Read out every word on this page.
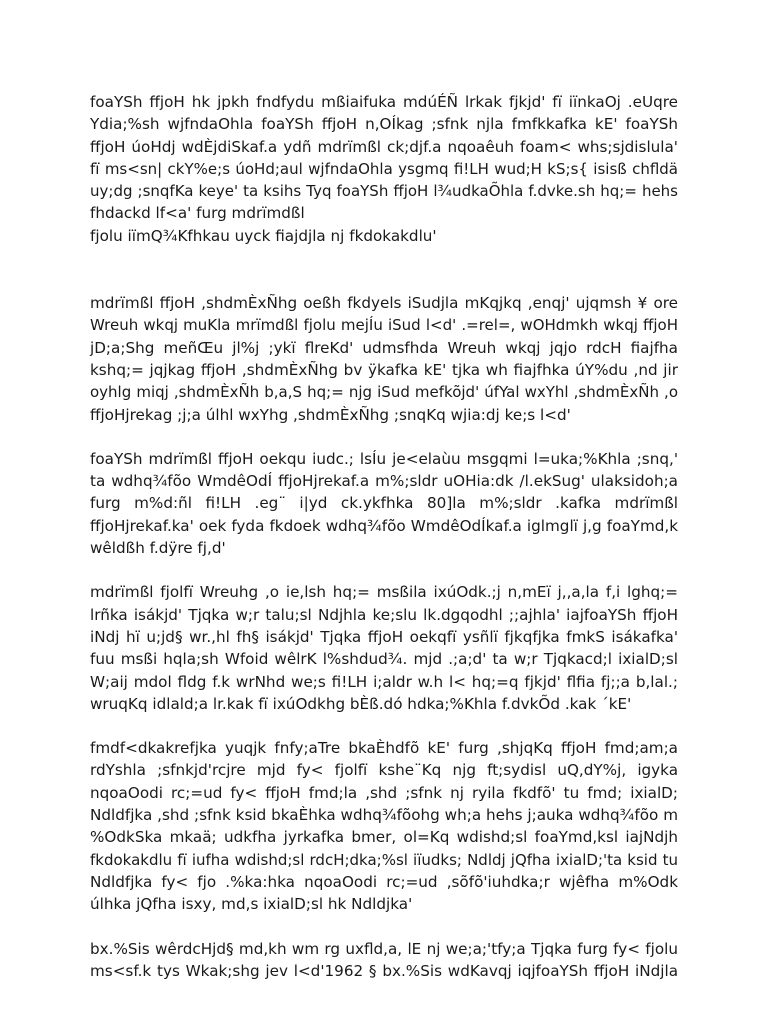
foaYSh ffjoH hk jpkh fndfydu mßiaifuka mdúÉÑ lrkak fjkjd' fï iïnkaOj .eUqre
Ydia;%sh wjfndaOhla foaYSh ffjoH n,OÍkag ;sfnk njla fmfkkafka kE' foaYSh
ffjoH úoHdj wdÈjdiSkaf.a ydñ mdrïmßl ck;djf.a nqoaêuh foam< whs;sjdislula'
fï ms<sn| ckY%e;s úoHd;aul wjfndaOhla ysgmq fi!LH wud;H kS;s{ isisß chfldä
uy;dg ;snqfKa keye' ta ksihs Tyq foaYSh ffjoH l¾udkaÕhla f.dvke.sh hq;= hehs
fhdackd lf<a' furg mdrïmdßl

fjolu iïmQ¾Kfhkau uyck fiajdjla nj fkdokakdlu'

mdrïmßl ffjoH ,shdmÈxÑhg oeßh fkdyels iSudjla mKqjkq ,enqj' ujqmsh ¥ ore
Wreuh wkqj muKla mrïmdßl fjolu mejÍu iSud l<d' .=rel=, wOHdmkh wkqj ffjoH
jD;a;Shg meñŒu jl%j ;ykï flreKd' udmsfhda Wreuh wkqj jqjo rdcH fiajfha
kshq;= jqjkag ffjoH ,shdmÈxÑhg bv ÿkafka kE' tjka wh fiajfhka úY%du ,nd jir
oyhlg miqj ,shdmÈxÑh b,a,S hq;= njg iSud mefkõjd' úfYal wxYhl ,shdmÈxÑh ,o
ffjoHjrekag ;j;a úlhl wxYhg ,shdmÈxÑhg ;snqKq wjia:dj ke;s l<d'

foaYSh mdrïmßl ffjoH oekqu iudc.; lsÍu je<elaùu msgqmi l=uka;%Khla ;snq,'
ta wdhq¾fõo WmdêOdÍ ffjoHjrekaf.a m%;sldr uOHia:dk /l.ekSug' ulaksidoh;a
furg m%d:ñl fi!LH .eg¨ i|yd ck.ykfhka 80]la m%;sldr .kafka mdrïmßl
ffjoHjrekaf.ka' oek fyda fkdoek wdhq¾fõo WmdêOdÍkaf.a iglmglï j,g foaYmd,k
wêldßh f.dÿre fj,d'

mdrïmßl fjolfï Wreuhg ,o ie,lsh hq;= msßila ixúOdk.;j n,mEï j,,a,la f,i lghq;=
lrñka isákjd' Tjqka w;r talu;sl Ndjhla ke;slu lk.dgqodhl ;;ajhla' iajfoaYSh ffjoH
iNdj hï u;jd§ wr.,hl fh§ isákjd' Tjqka ffjoH oekqfï ysñlï fjkqfjka fmkS isákafka'
fuu msßi hqla;sh Wfoid wêlrK l%shdud¾. mjd .;a;d' ta w;r Tjqkacd;l ixialD;sl
W;aij mdol fldg f.k wrNhd we;s fi!LH i;aldr w.h l< hq;=q fjkjd' flfia fj;;a b,lal.;
wruqKq idlald;a lr.kak fï ixúOdkhg bÈß.dó hdka;%Khla f.dvkÕd .kak ´kE'

fmdf<dkakrefjka yuqjk fnfy;aTre bkaÈhdfõ kE' furg ,shjqKq ffjoH fmd;am;a
rdYshla ;sfnkjd'rcjre mjd fy< fjolfï kshe¨Kq njg ft;sydisl uQ,dY%j, igyka
nqoaOodi rc;=ud fy< ffjoH fmd;la ,shd ;sfnk nj ryila fkdfõ' tu fmd; ixialD;
Ndldfjka ,shd ;sfnk ksid bkaÈhka wdhq¾fõohg wh;a hehs j;auka wdhq¾fõo m
%OdkSka mkaä; udkfha jyrkafka bmer, ol=Kq wdishd;sl foaYmd,ksl iajNdjh
fkdokakdlu fï iufha wdishd;sl rdcH;dka;%sl iïudks; Ndldj jQfha ixialD;'ta ksid tu
Ndldfjka fy< fjo .%ka:hka nqoaOodi rc;=ud ,sõfõ'iuhdka;r wjêfha m%Odk
úlhka jQfha isxy, md,s ixialD;sl hk Ndldjka'

bx.%Sis wêrdcHjd§ md,kh wm rg uxfld,a, lE nj we;a;'tfy;a Tjqka furg fy< fjolu
ms<sf.k tys Wkak;shg jev l<d'1962 § bx.%Sis wdKavqj iqjfoaYSh ffjoH iNdjla
